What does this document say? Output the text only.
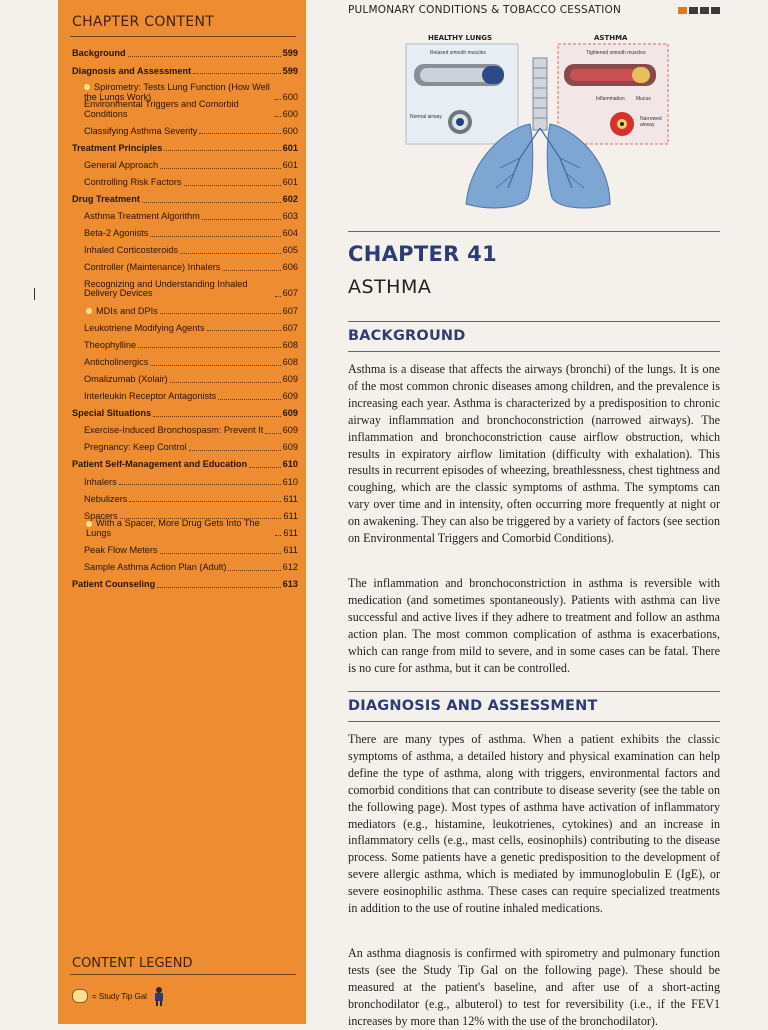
CHAPTER CONTENT
Background	599
Diagnosis and Assessment	599
Spirometry: Tests Lung Function (How Well the Lungs Work)	600
Environmental Triggers and Comorbid Conditions	600
Classifying Asthma Severity	600
Treatment Principles	601
General Approach	601
Controlling Risk Factors	601
Drug Treatment	602
Asthma Treatment Algorithm	603
Beta-2 Agonists	604
Inhaled Corticosteroids	605
Controller (Maintenance) Inhalers	606
Recognizing and Understanding Inhaled Delivery Devices	607
MDIs and DPIs	607
Leukotriene Modifying Agents	607
Theophylline	608
Anticholinergics	608
Omalizumab (Xolair)	609
Interleukin Receptor Antagonists	609
Special Situations	609
Exercise-Induced Bronchospasm: Prevent It 609
Pregnancy: Keep Control	609
Patient Self-Management and Education	610
Inhalers	610
Nebulizers	611
Spacers	611
With a Spacer, More Drug Gets Into The Lungs	611
Peak Flow Meters	611
Sample Asthma Action Plan (Adult)	612
Patient Counseling	613
CONTENT LEGEND
= Study Tip Gal
PULMONARY CONDITIONS & TOBACCO CESSATION
HEALTHY LUNGS	ASTHMA
Relaxed smooth muscles	Tightened smooth muscles
Normal airway
Inflammation Mucus
Narrowed airway
CHAPTER 41
ASTHMA
BACKGROUND
Asthma is a disease that affects the airways (bronchi) of the lungs. It is one of the most common chronic diseases among children, and the prevalence is increasing each year. Asthma is characterized by a predisposition to chronic airway inflammation and bronchoconstriction (narrowed airways). The inflammation and bronchoconstriction cause airflow obstruction, which results in expiratory airflow limitation (difficulty with exhalation). This results in recurrent episodes of wheezing, breathlessness, chest tightness and coughing, which are the classic symptoms of asthma. The symptoms can vary over time and in intensity, often occurring more frequently at night or on awakening. They can also be triggered by a variety of factors (see section on Environmental Triggers and Comorbid Conditions).
The inflammation and bronchoconstriction in asthma is reversible with medication (and sometimes spontaneously). Patients with asthma can live successful and active lives if they adhere to treatment and follow an asthma action plan. The most common complication of asthma is exacerbations, which can range from mild to severe, and in some cases can be fatal. There is no cure for asthma, but it can be controlled.
DIAGNOSIS AND ASSESSMENT
There are many types of asthma. When a patient exhibits the classic symptoms of asthma, a detailed history and physical examination can help define the type of asthma, along with triggers, environmental factors and comorbid conditions that can contribute to disease severity (see the table on the following page). Most types of asthma have activation of inflammatory mediators (e.g., histamine, leukotrienes, cytokines) and an increase in inflammatory cells (e.g., mast cells, eosinophils) contributing to the disease process. Some patients have a genetic predisposition to the development of severe allergic asthma, which is mediated by immunoglobulin E (IgE), or severe eosinophilic asthma. These cases can require specialized treatments in addition to the use of routine inhaled medications.
An asthma diagnosis is confirmed with spirometry and pulmonary function tests (see the Study Tip Gal on the following page). These should be measured at the patient's baseline, and after use of a short-acting bronchodilator (e.g., albuterol) to test for reversibility (i.e., if the FEV1 increases by more than 12% with the use of the bronchodilator).
